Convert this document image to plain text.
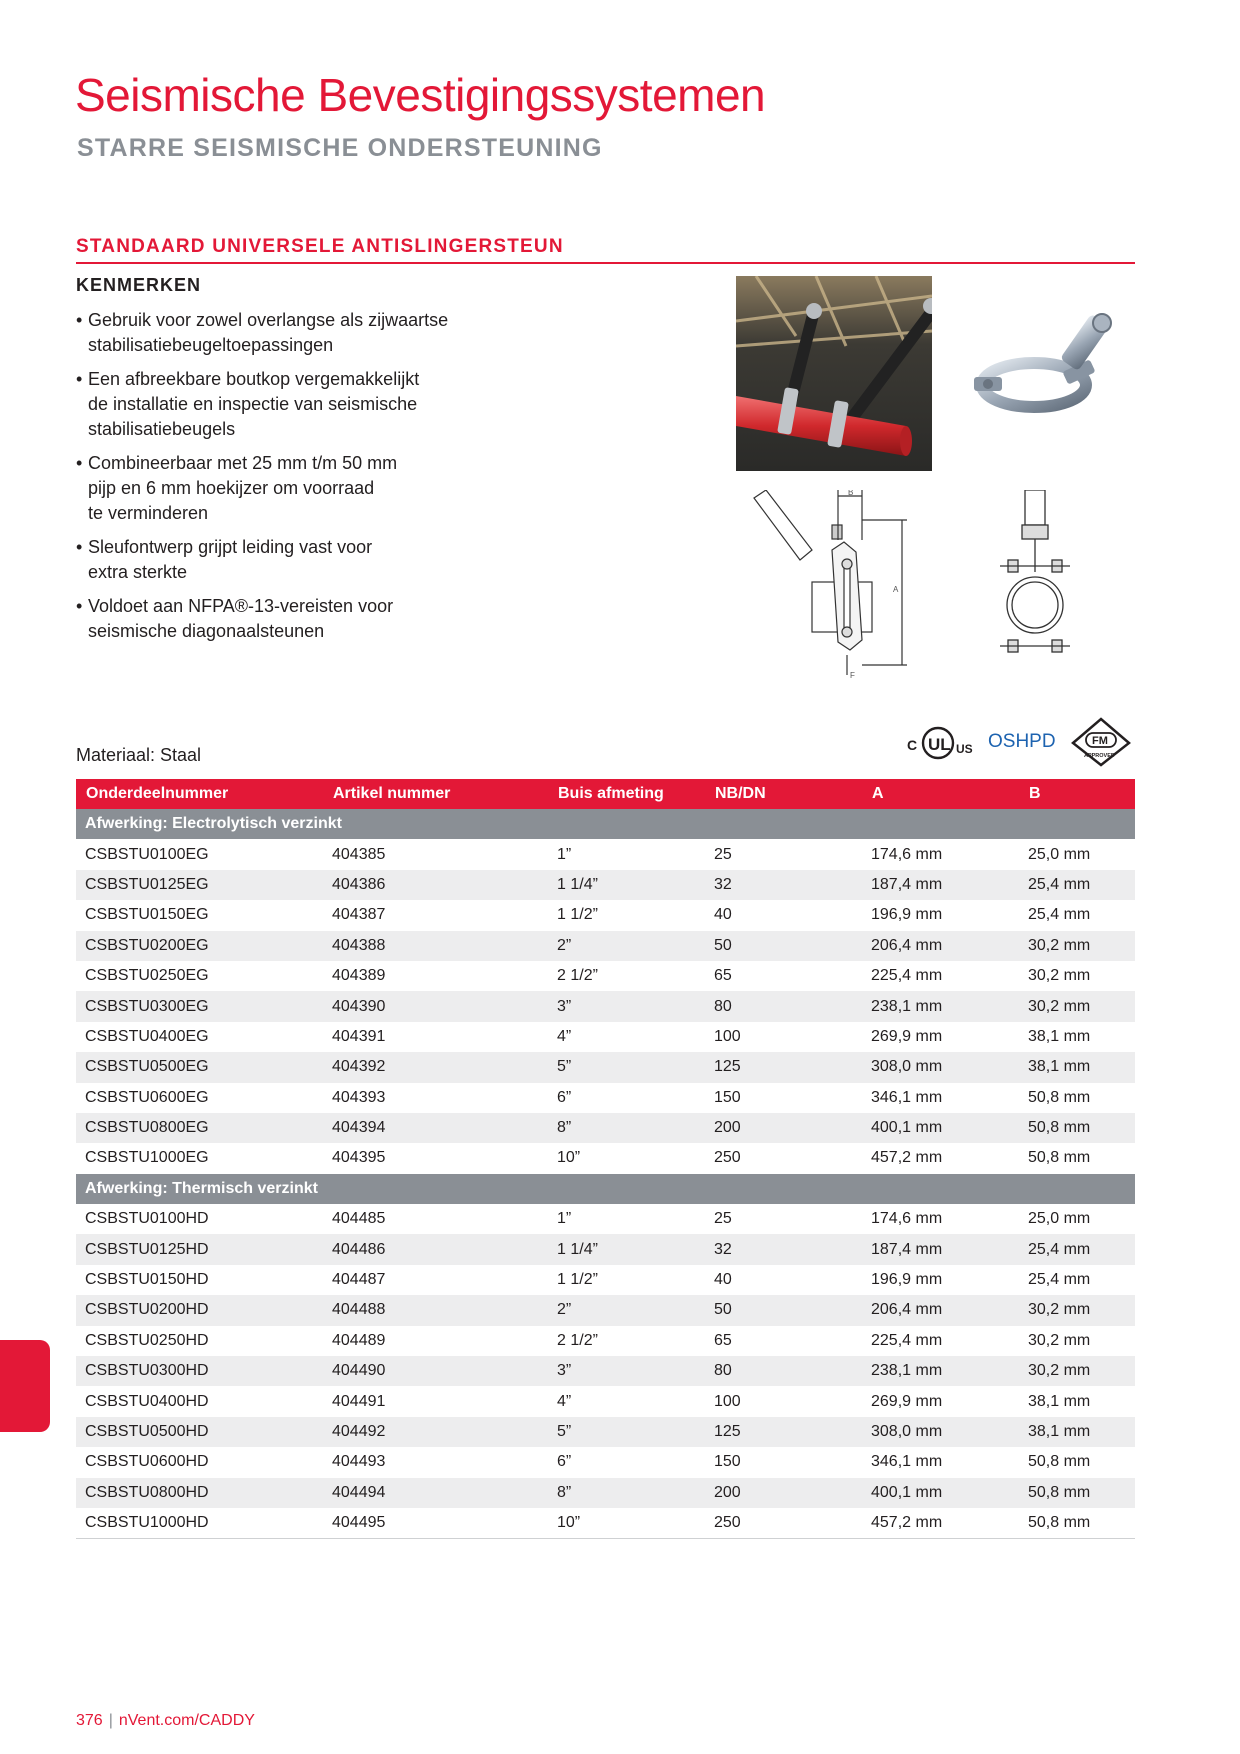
Seismische Bevestigingssystemen
STARRE SEISMISCHE ONDERSTEUNING
STANDAARD UNIVERSELE ANTISLINGERSTEUN
KENMERKEN
• Gebruik voor zowel overlangse als zijwaartse
stabilisatiebeugeltoepassingen
• Een afbreekbare boutkop vergemakkelijkt
de installatie en inspectie van seismische
stabilisatiebeugels
• Combineerbaar met 25 mm t/m 50 mm
pijp en 6 mm hoekijzer om voorraad
te verminderen
• Sleufontwerp grijpt leiding vast voor
extra sterkte
• Voldoet aan NFPA®-13-vereisten voor
seismische diagonaalsteunen
B
A
F
C UL US OSHPD	FM
APPROVED
Materiaal: Staal
Onderdeelnummer	Artikel nummer	Buis afmeting	NB/DN	A	B
Afwerking: Electrolytisch verzinkt					
CSBSTU0100EG	404385	1”	25	174,6 mm	25,0 mm
CSBSTU0125EG	404386	1 1/4”	32	187,4 mm	25,4 mm
CSBSTU0150EG	404387	1 1/2”	40	196,9 mm	25,4 mm
CSBSTU0200EG	404388	2”	50	206,4 mm	30,2 mm
CSBSTU0250EG	404389	2 1/2”	65	225,4 mm	30,2 mm
CSBSTU0300EG	404390	3”	80	238,1 mm	30,2 mm
CSBSTU0400EG	404391	4”	100	269,9 mm	38,1 mm
CSBSTU0500EG	404392	5”	125	308,0 mm	38,1 mm
CSBSTU0600EG	404393	6”	150	346,1 mm	50,8 mm
CSBSTU0800EG	404394	8”	200	400,1 mm	50,8 mm
CSBSTU1000EG	404395	10”	250	457,2 mm	50,8 mm
Afwerking: Thermisch verzinkt					
CSBSTU0100HD	404485	1”	25	174,6 mm	25,0 mm
CSBSTU0125HD	404486	1 1/4”	32	187,4 mm	25,4 mm
CSBSTU0150HD	404487	1 1/2”	40	196,9 mm	25,4 mm
CSBSTU0200HD	404488	2”	50	206,4 mm	30,2 mm
CSBSTU0250HD	404489	2 1/2”	65	225,4 mm	30,2 mm
CSBSTU0300HD	404490	3”	80	238,1 mm	30,2 mm
CSBSTU0400HD	404491	4”	100	269,9 mm	38,1 mm
CSBSTU0500HD	404492	5”	125	308,0 mm	38,1 mm
CSBSTU0600HD	404493	6”	150	346,1 mm	50,8 mm
CSBSTU0800HD	404494	8”	200	400,1 mm	50,8 mm
CSBSTU1000HD	404495	10”	250	457,2 mm	50,8 mm
376 | nVent.com/CADDY
